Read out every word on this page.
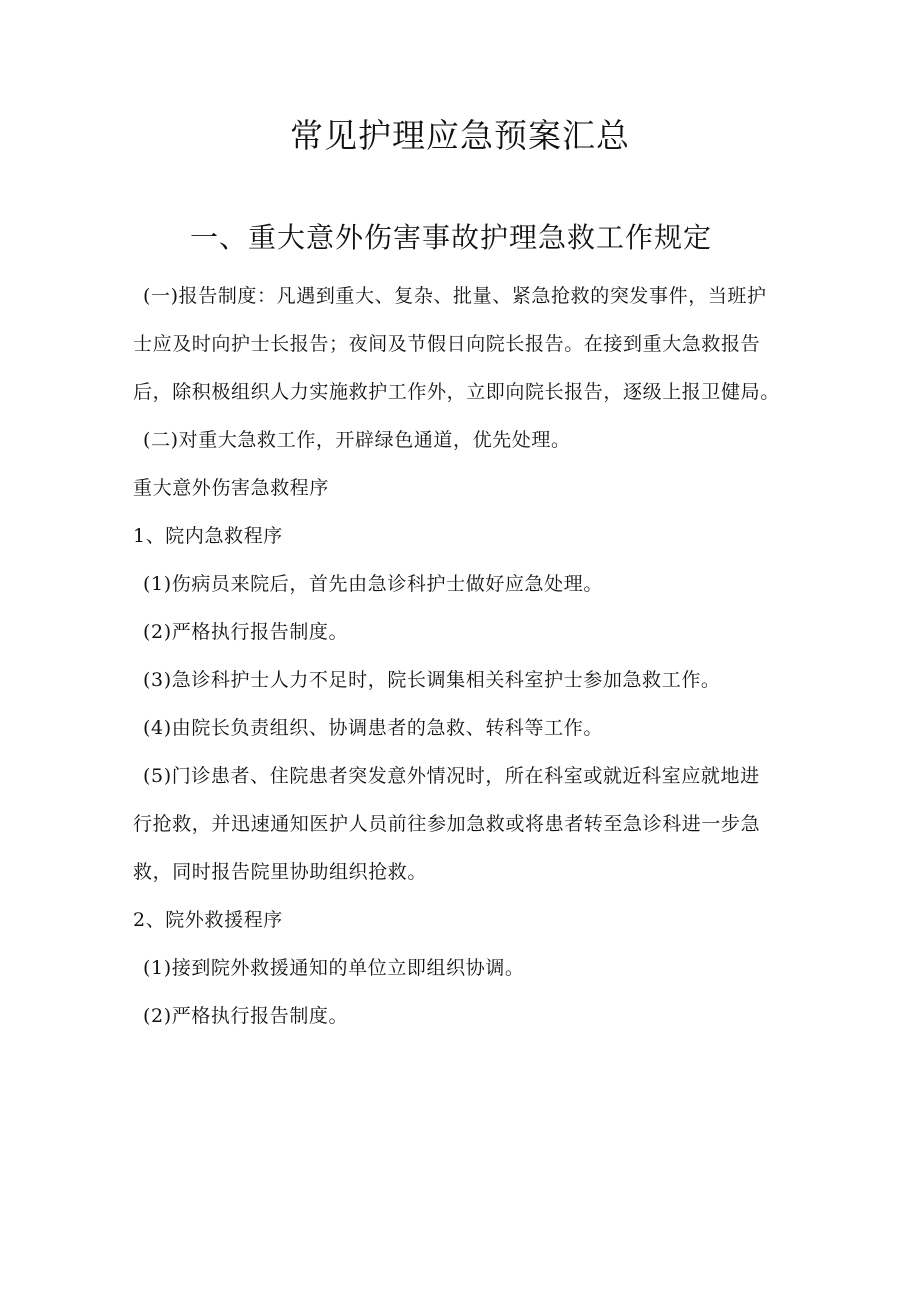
常见护理应急预案汇总
一、重大意外伤害事故护理急救工作规定
(一)报告制度：凡遇到重大、复杂、批量、紧急抢救的突发事件，当班护
士应及时向护士长报告；夜间及节假日向院长报告。在接到重大急救报告
后，除积极组织人力实施救护工作外，立即向院长报告，逐级上报卫健局。
(二)对重大急救工作，开辟绿色通道，优先处理。
重大意外伤害急救程序
1、院内急救程序
(1)伤病员来院后，首先由急诊科护士做好应急处理。
(2)严格执行报告制度。
(3)急诊科护士人力不足时，院长调集相关科室护士参加急救工作。
(4)由院长负责组织、协调患者的急救、转科等工作。
(5)门诊患者、住院患者突发意外情况时，所在科室或就近科室应就地进
行抢救，并迅速通知医护人员前往参加急救或将患者转至急诊科进一步急
救，同时报告院里协助组织抢救。
2、院外救援程序
(1)接到院外救援通知的单位立即组织协调。
(2)严格执行报告制度。
